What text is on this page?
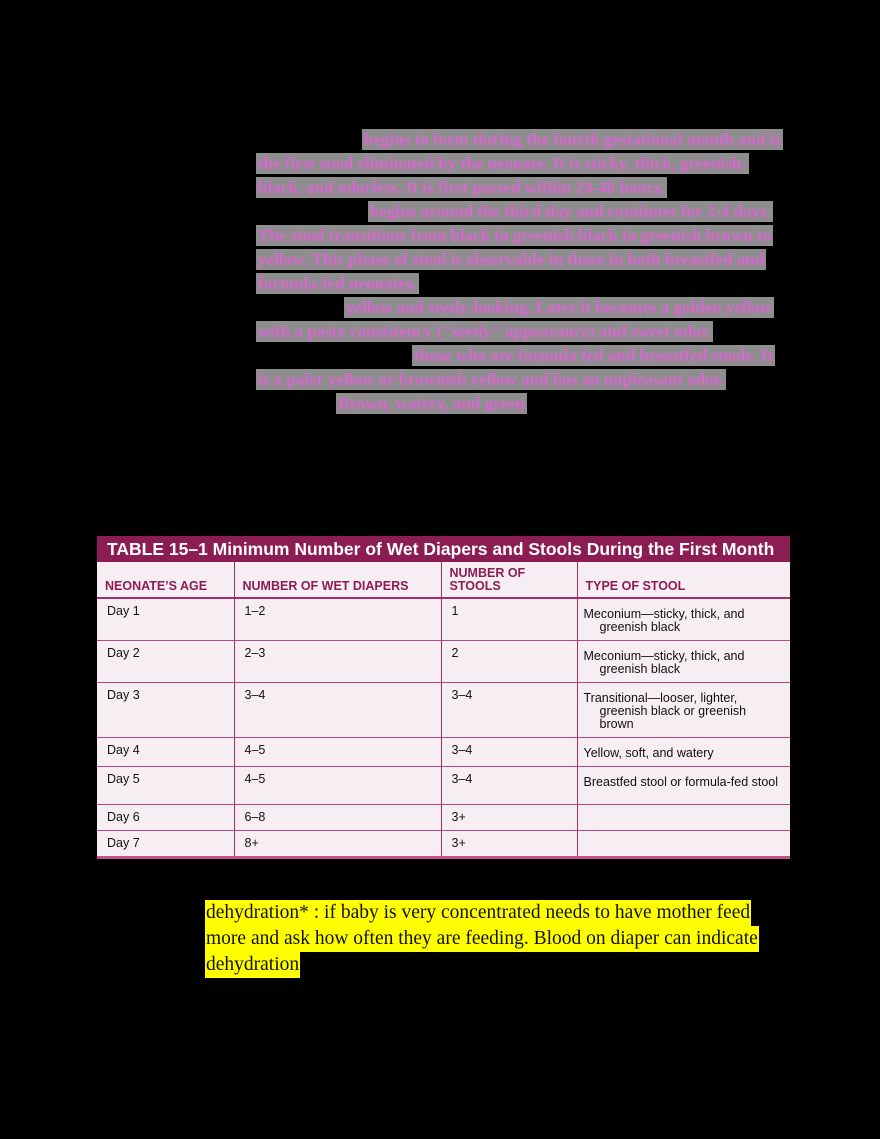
begins to form during the fourth gestational month and is the first stool eliminated by the neonate. It is sticky, thick, greenish-black, and odorless. It is first passed within 24-48 hours.

begins around the third day and continues for 2-4 days. The stool transitions from black to greenish black to greenish brown to yellow. This phase of stool is observable in those in both breastfed and formula-fed neonates.

yellow and seedy-looking. Later it becomes a golden yellow with a pasty consistency ("seedy" appearance) and sweet odor.

those who are formula fed and breastfed stools. It is a paler yellow or brownish yellow and has an unpleasant odor.

Brown, watery, and green

TABLE 15–1 Minimum Number of Wet Diapers and Stools During the First Month
NEONATE’S AGE	NUMBER OF WET DIAPERS	NUMBER OF STOOLS	TYPE OF STOOL
Day 1	1–2	1	Meconium—sticky, thick, and greenish black

Day 2	2–3	2	Meconium—sticky, thick, and greenish black

Day 3	3–4	3–4	Transitional—looser, lighter, greenish black or greenish brown

Day 4	4–5	3–4	Yellow, soft, and watery

Day 5	4–5	3–4	Breastfed stool or formula-fed stool

Day 6	6–8	3+	

Day 7	8+	3+	

dehydration* : if baby is very concentrated needs to have mother feed more and ask how often they are feeding. Blood on diaper can indicate dehydration
